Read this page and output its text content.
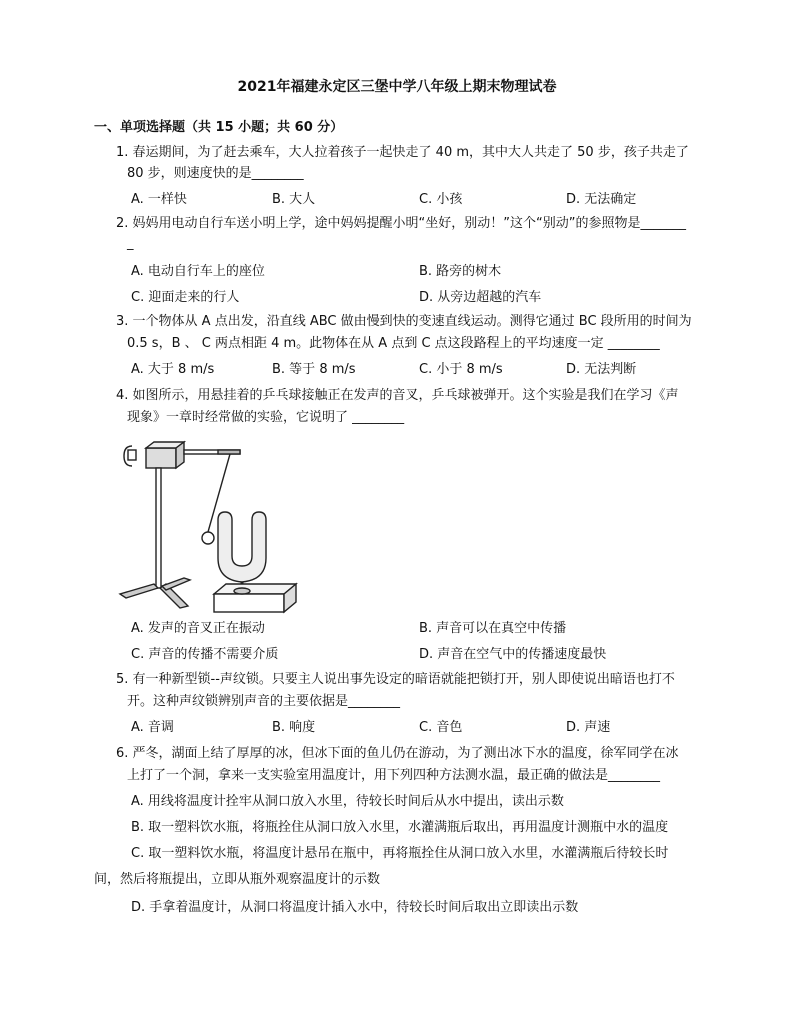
2021年福建永定区三堡中学八年级上期末物理试卷
一、单项选择题（共 15 小题；共 60 分）
1. 春运期间，为了赶去乘车，大人拉着孩子一起快走了 40 m，其中大人共走了 50 步，孩子共走了
80 步，则速度快的是________
A. 一样快	B. 大人	C. 小孩	D. 无法确定
2. 妈妈用电动自行车送小明上学，途中妈妈提醒小明“坐好，别动！”这个“别动”的参照物是_______
_
A. 电动自行车上的座位	B. 路旁的树木
C. 迎面走来的行人	D. 从旁边超越的汽车
3. 一个物体从 A 点出发，沿直线 ABC 做由慢到快的变速直线运动。测得它通过 BC 段所用的时间为
0.5 s，B 、 C 两点相距 4 m。此物体在从 A 点到 C 点这段路程上的平均速度一定 ________
A. 大于 8 m/s	B. 等于 8 m/s	C. 小于 8 m/s	D. 无法判断
4. 如图所示，用悬挂着的乒乓球接触正在发声的音叉，乒乓球被弹开。这个实验是我们在学习《声
现象》一章时经常做的实验，它说明了 ________
A. 发声的音叉正在振动	B. 声音可以在真空中传播
C. 声音的传播不需要介质	D. 声音在空气中的传播速度最快
5. 有一种新型锁--声纹锁。只要主人说出事先设定的暗语就能把锁打开，别人即使说出暗语也打不
开。这种声纹锁辨别声音的主要依据是________
A. 音调	B. 响度	C. 音色	D. 声速
6. 严冬，湖面上结了厚厚的冰，但冰下面的鱼儿仍在游动，为了测出冰下水的温度，徐军同学在冰
上打了一个洞，拿来一支实验室用温度计，用下列四种方法测水温，最正确的做法是________
A. 用线将温度计拴牢从洞口放入水里，待较长时间后从水中提出，读出示数
B. 取一塑料饮水瓶，将瓶拴住从洞口放入水里，水灌满瓶后取出，再用温度计测瓶中水的温度
C. 取一塑料饮水瓶，将温度计悬吊在瓶中，再将瓶拴住从洞口放入水里，水灌满瓶后待较长时
间，然后将瓶提出，立即从瓶外观察温度计的示数
D. 手拿着温度计，从洞口将温度计插入水中，待较长时间后取出立即读出示数
